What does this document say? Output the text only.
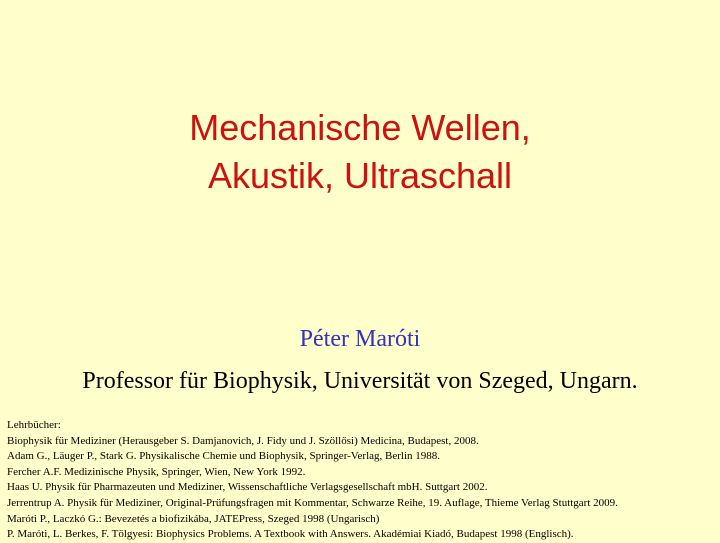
Mechanische Wellen,
Akustik, Ultraschall
Péter Maróti
Professor für Biophysik, Universität von Szeged, Ungarn.
Lehrbücher:
Biophysik für Mediziner (Herausgeber S. Damjanovich, J. Fidy und J. Szöllősi) Medicina, Budapest, 2008.
Adam G., Läuger P., Stark G. Physikalische Chemie und Biophysik, Springer-Verlag, Berlin 1988.
Fercher A.F. Medizinische Physik, Springer, Wien, New York 1992.
Haas U. Physik für Pharmazeuten und Mediziner, Wissenschaftliche Verlagsgesellschaft mbH. Suttgart 2002.
Jerrentrup A. Physik für Mediziner, Original-Prüfungsfragen mit Kommentar, Schwarze Reihe, 19. Auflage, Thieme Verlag Stuttgart 2009.
Maróti P., Laczkó G.: Bevezetés a biofizikába, JATEPress, Szeged 1998 (Ungarisch)
P. Maróti, L. Berkes, F. Tölgyesi: Biophysics Problems. A Textbook with Answers. Akadémiai Kiadó, Budapest 1998 (Englisch).
